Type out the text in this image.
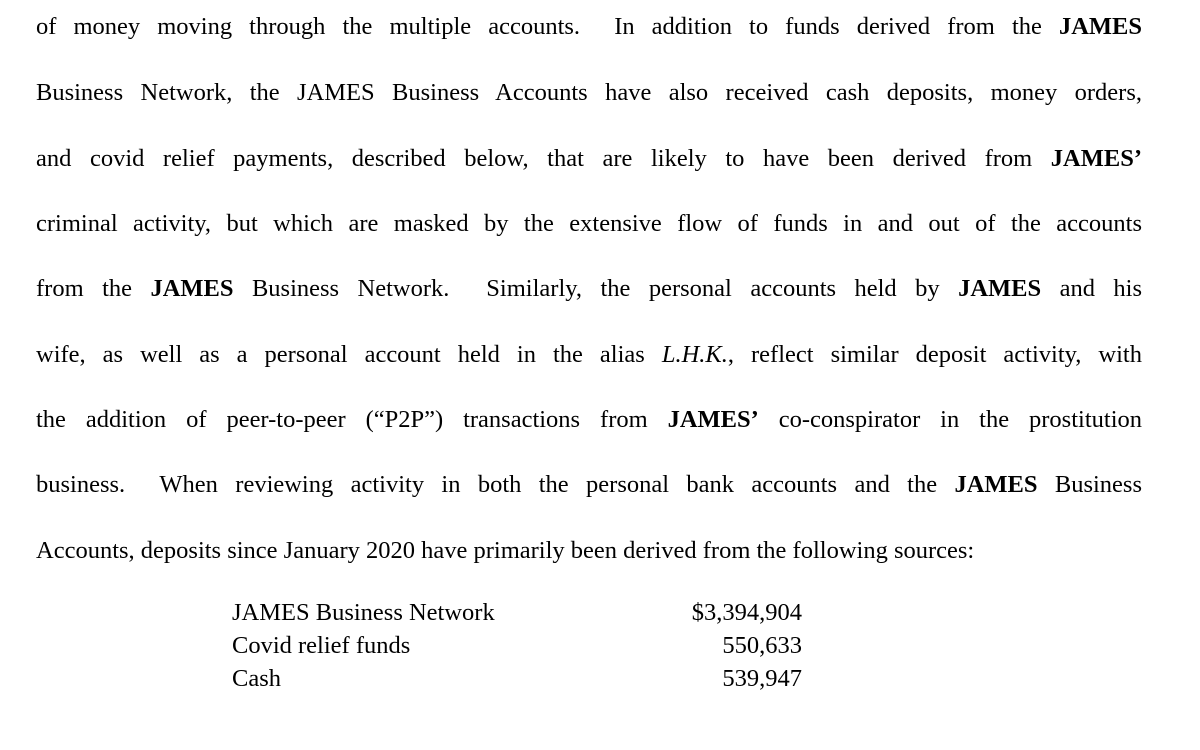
of money moving through the multiple accounts.  In addition to funds derived from the JAMES
Business Network, the JAMES Business Accounts have also received cash deposits, money orders,
and covid relief payments, described below, that are likely to have been derived from JAMES’
criminal activity, but which are masked by the extensive flow of funds in and out of the accounts
from the JAMES Business Network.  Similarly, the personal accounts held by JAMES and his
wife, as well as a personal account held in the alias L.H.K., reflect similar deposit activity, with
the addition of peer-to-peer (“P2P”) transactions from JAMES’ co-conspirator in the prostitution
business.  When reviewing activity in both the personal bank accounts and the JAMES Business
Accounts, deposits since January 2020 have primarily been derived from the following sources:
JAMES Business Network	$3,394,904
Covid relief funds	550,633
Cash	539,947
